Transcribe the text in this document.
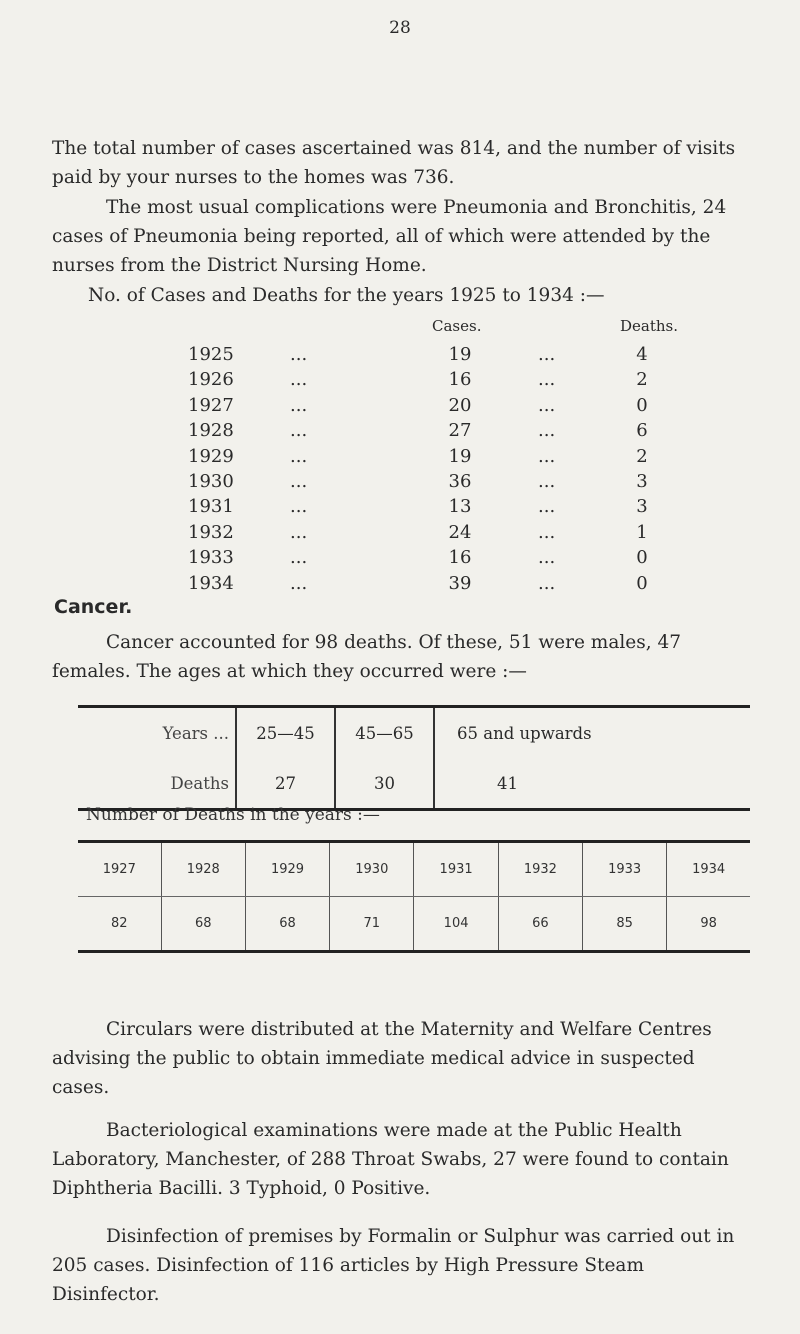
28

The total number of cases ascertained was 814, and the number of visits paid by your nurses to the homes was 736.

The most usual complications were Pneumonia and Bronchitis, 24 cases of Pneumonia being reported, all of which were attended by the nurses from the District Nursing Home.

No. of Cases and Deaths for the years 1925 to 1934 :—
Cases.	Deaths.
1925	...	19	...	4
1926	...	16	...	2
1927	...	20	...	0
1928	...	27	...	6
1929	...	19	...	2
1930	...	36	...	3
1931	...	13	...	3
1932	...	24	...	1
1933	...	16	...	0
1934	...	39	...	0
Cancer.

Cancer accounted for 98 deaths. Of these, 51 were males, 47 females. The ages at which they occurred were :—

Years ...	25—45	45—65	65 and upwards
Deaths	27	30	41
Number of Deaths in the years :—
1927	1928	1929	1930	1931	1932	1933	1934
82	68	68	71	104	66	85	98

Circulars were distributed at the Maternity and Welfare Centres advising the public to obtain immediate medical advice in suspected cases.

Bacteriological examinations were made at the Public Health Laboratory, Manchester, of 288 Throat Swabs, 27 were found to contain Diphtheria Bacilli. 3 Typhoid, 0 Positive.

Disinfection of premises by Formalin or Sulphur was carried out in 205 cases. Disinfection of 116 articles by High Pressure Steam Disinfector.
